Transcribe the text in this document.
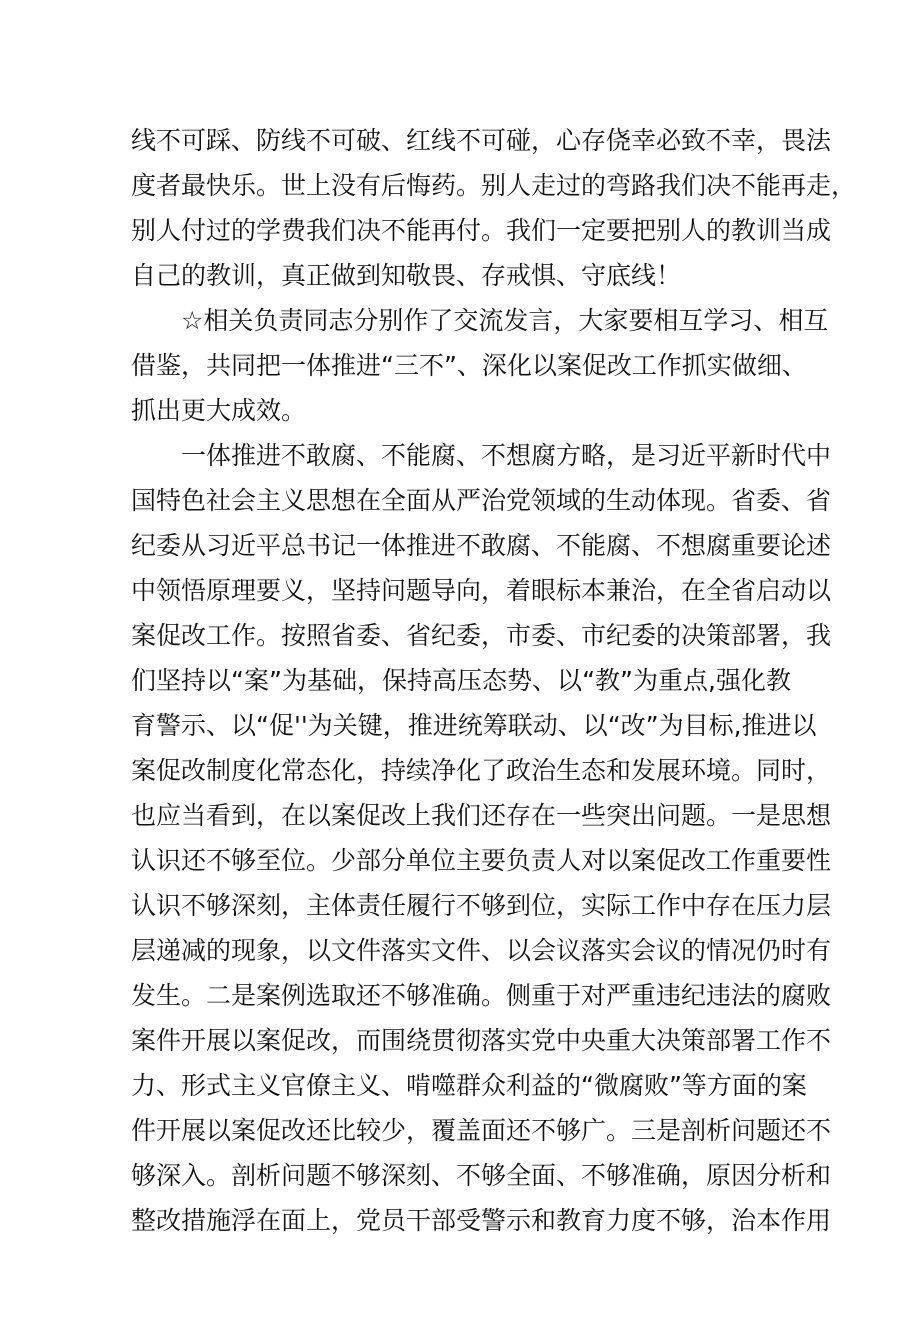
线不可踩、防线不可破、红线不可碰，心存侥幸必致不幸，畏法
度者最快乐。世上没有后悔药。别人走过的弯路我们决不能再走，
别人付过的学费我们决不能再付。我们一定要把别人的教训当成
自己的教训，真正做到知敬畏、存戒惧、守底线！
☆相关负责同志分别作了交流发言，大家要相互学习、相互
借鉴，共同把一体推进“三不”、深化以案促改工作抓实做细、
抓出更大成效。
一体推进不敢腐、不能腐、不想腐方略，是习近平新时代中
国特色社会主义思想在全面从严治党领域的生动体现。省委、省
纪委从习近平总书记一体推进不敢腐、不能腐、不想腐重要论述
中领悟原理要义，坚持问题导向，着眼标本兼治，在全省启动以
案促改工作。按照省委、省纪委，市委、市纪委的决策部署，我
们坚持以“案”为基础，保持高压态势、以“教”为重点,强化教
育警示、以“促''为关键，推进统筹联动、以“改”为目标,推进以
案促改制度化常态化，持续净化了政治生态和发展环境。同时，
也应当看到，在以案促改上我们还存在一些突出问题。一是思想
认识还不够至位。少部分单位主要负责人对以案促改工作重要性
认识不够深刻，主体责任履行不够到位，实际工作中存在压力层
层递减的现象，以文件落实文件、以会议落实会议的情况仍时有
发生。二是案例选取还不够准确。侧重于对严重违纪违法的腐败
案件开展以案促改，而围绕贯彻落实党中央重大决策部署工作不
力、形式主义官僚主义、啃噬群众利益的“微腐败”等方面的案
件开展以案促改还比较少，覆盖面还不够广。三是剖析问题还不
够深入。剖析问题不够深刻、不够全面、不够准确，原因分析和
整改措施浮在面上，党员干部受警示和教育力度不够，治本作用
